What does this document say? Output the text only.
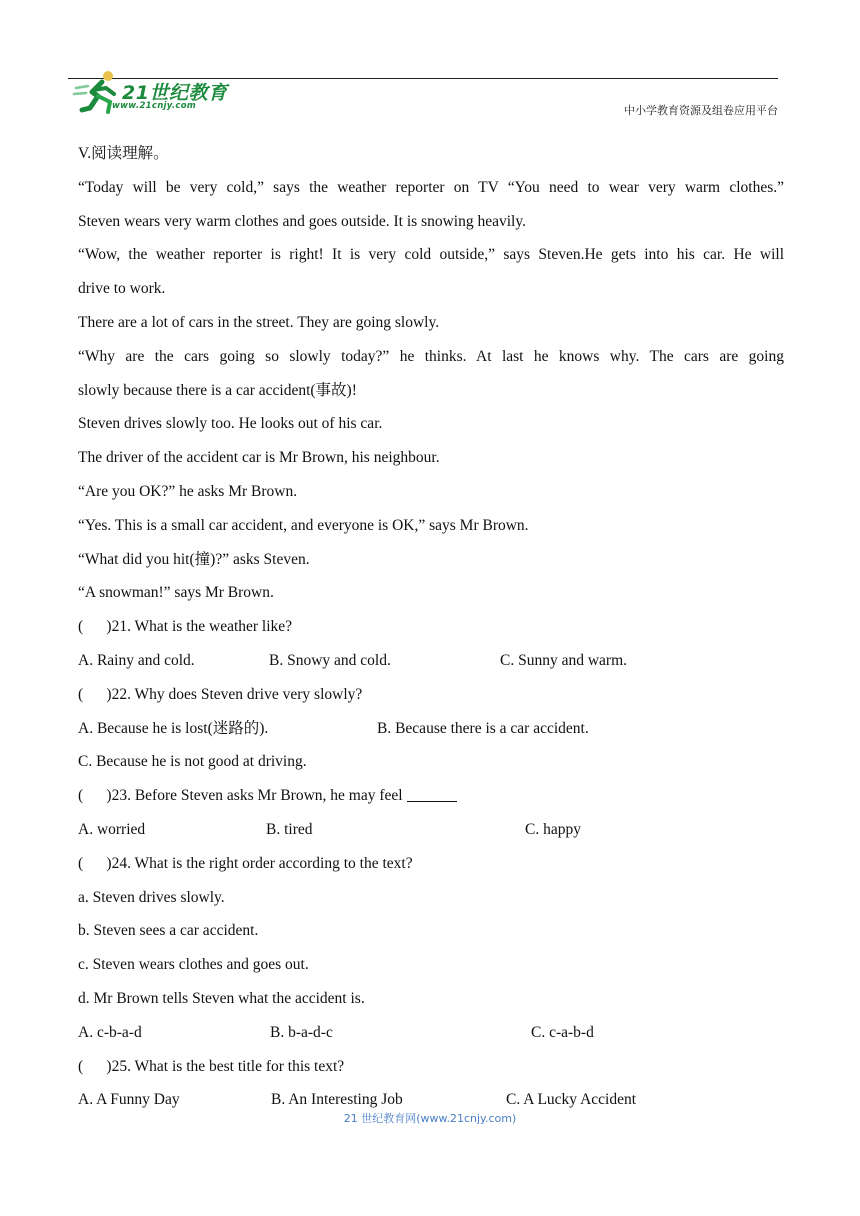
21世纪教育
www.21cnjy.com	中小学教育资源及组卷应用平台
V.阅读理解。
“Today will be very cold,” says the weather reporter on TV “You need to wear very warm clothes.”
Steven wears very warm clothes and goes outside. It is snowing heavily.
“Wow, the weather reporter is right! It is very cold outside,” says Steven.He gets into his car. He will
drive to work.
There are a lot of cars in the street. They are going slowly.
“Why are the cars going so slowly today?” he thinks. At last he knows why. The cars are going
slowly because there is a car accident(事故)!
Steven drives slowly too. He looks out of his car.
The driver of the accident car is Mr Brown, his neighbour.
“Are you OK?” he asks Mr Brown.
“Yes. This is a small car accident, and everyone is OK,” says Mr Brown.
“What did you hit(撞)?” asks Steven.
“A snowman!” says Mr Brown.
(      )21. What is the weather like?
A. Rainy and cold.	B. Snowy and cold.	C. Sunny and warm.
(      )22. Why does Steven drive very slowly?
A. Because he is lost(迷路的).	B. Because there is a car accident.
C. Because he is not good at driving.
(      )23. Before Steven asks Mr Brown, he may feel
A. worried	B. tired	C. happy
(      )24. What is the right order according to the text?
a. Steven drives slowly.
b. Steven sees a car accident.
c. Steven wears clothes and goes out.
d. Mr Brown tells Steven what the accident is.
A. c-b-a-d	B. b-a-d-c	C. c-a-b-d
(      )25. What is the best title for this text?
A. A Funny Day	B. An Interesting Job	C. A Lucky Accident
21 世纪教育网(www.21cnjy.com)
